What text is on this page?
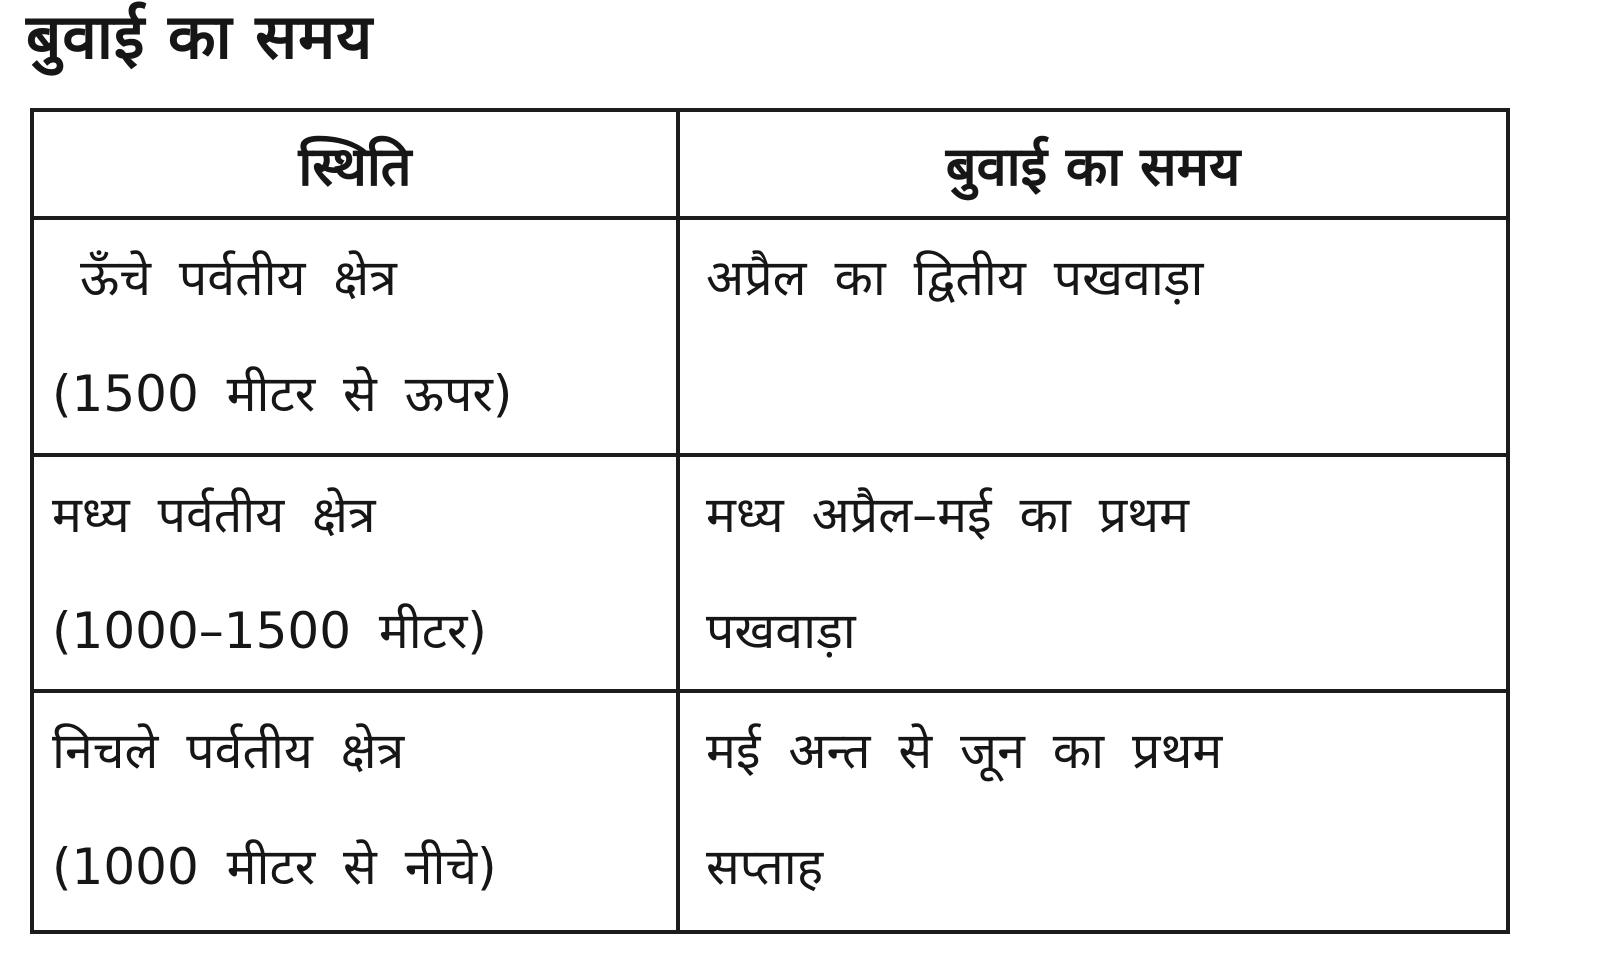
बुवाई का समय
स्थिति	बुवाई का समय

ऊँचे पर्वतीय क्षेत्र
(1500 मीटर से ऊपर)	अप्रैल का द्वितीय पखवाड़ा

मध्य पर्वतीय क्षेत्र
(1000–1500 मीटर)	मध्य अप्रैल–मई का प्रथम
पखवाड़ा

निचले पर्वतीय क्षेत्र
(1000 मीटर से नीचे)	मई अन्त से जून का प्रथम
सप्ताह
